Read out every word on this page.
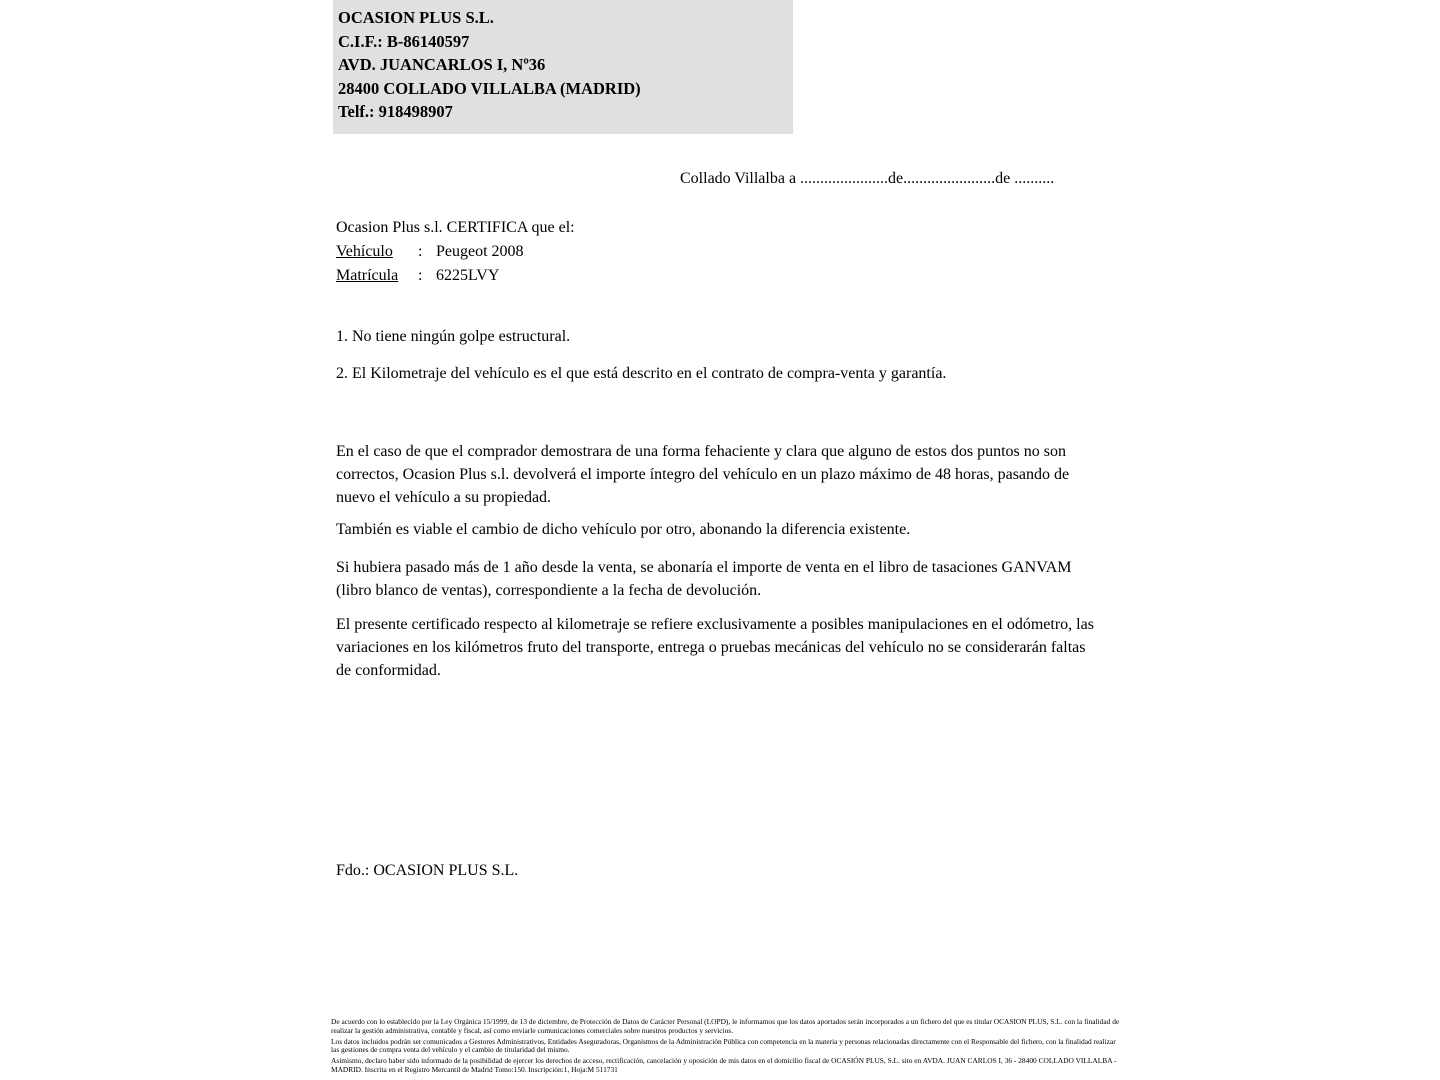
OCASION PLUS S.L.
C.I.F.: B-86140597
AVD. JUANCARLOS I, Nº36
28400 COLLADO VILLALBA (MADRID)
Telf.: 918498907
Collado Villalba a ......................de.......................de ..........
Ocasion Plus s.l. CERTIFICA que el:
Vehículo	: Peugeot 2008
Matrícula	: 6225LVY
1. No tiene ningún golpe estructural.
2. El Kilometraje del vehículo es el que está descrito en el contrato de compra-venta y garantía.
En el caso de que el comprador demostrara de una forma fehaciente y clara que alguno de estos dos puntos no son correctos, Ocasion Plus s.l. devolverá el importe íntegro del vehículo en un plazo máximo de 48 horas, pasando de nuevo el vehículo a su propiedad.
También es viable el cambio de dicho vehículo por otro, abonando la diferencia existente.
Si hubiera pasado más de 1 año desde la venta, se abonaría el importe de venta en el libro de tasaciones GANVAM (libro blanco de ventas), correspondiente a la fecha de devolución.
El presente certificado respecto al kilometraje se refiere exclusivamente a posibles manipulaciones en el odómetro, las variaciones en los kilómetros fruto del transporte, entrega o pruebas mecánicas del vehículo no se considerarán faltas de conformidad.
Fdo.: OCASION PLUS S.L.

De acuerdo con lo establecido por la Ley Orgánica 15/1999, de 13 de diciembre, de Protección de Datos de Carácter Personal (LOPD), le informamos que los datos aportados serán incorporados a un fichero del que es titular OCASION PLUS, S.L. con la finalidad de realizar la gestión administrativa, contable y fiscal, así como enviarle comunicaciones comerciales sobre nuestros productos y servicios.

Los datos incluidos podrán ser comunicados a Gestores Administrativos, Entidades Aseguradoras, Organismos de la Administración Pública con competencia en la materia y personas relacionadas directamente con el Responsable del fichero, con la finalidad realizar las gestiones de compra venta del vehículo y el cambio de titularidad del mismo.

Asimismo, declaro haber sido informado de la posibilidad de ejercer los derechos de acceso, rectificación, cancelación y oposición de mis datos en el domicilio fiscal de OCASIÓN PLUS, S.L. sito en AVDA. JUAN CARLOS I, 36 - 28400 COLLADO VILLALBA - MADRID. Inscrita en el Registro Mercantil de Madrid Tomo:150. Inscripción:1, Hoja:M 511731
